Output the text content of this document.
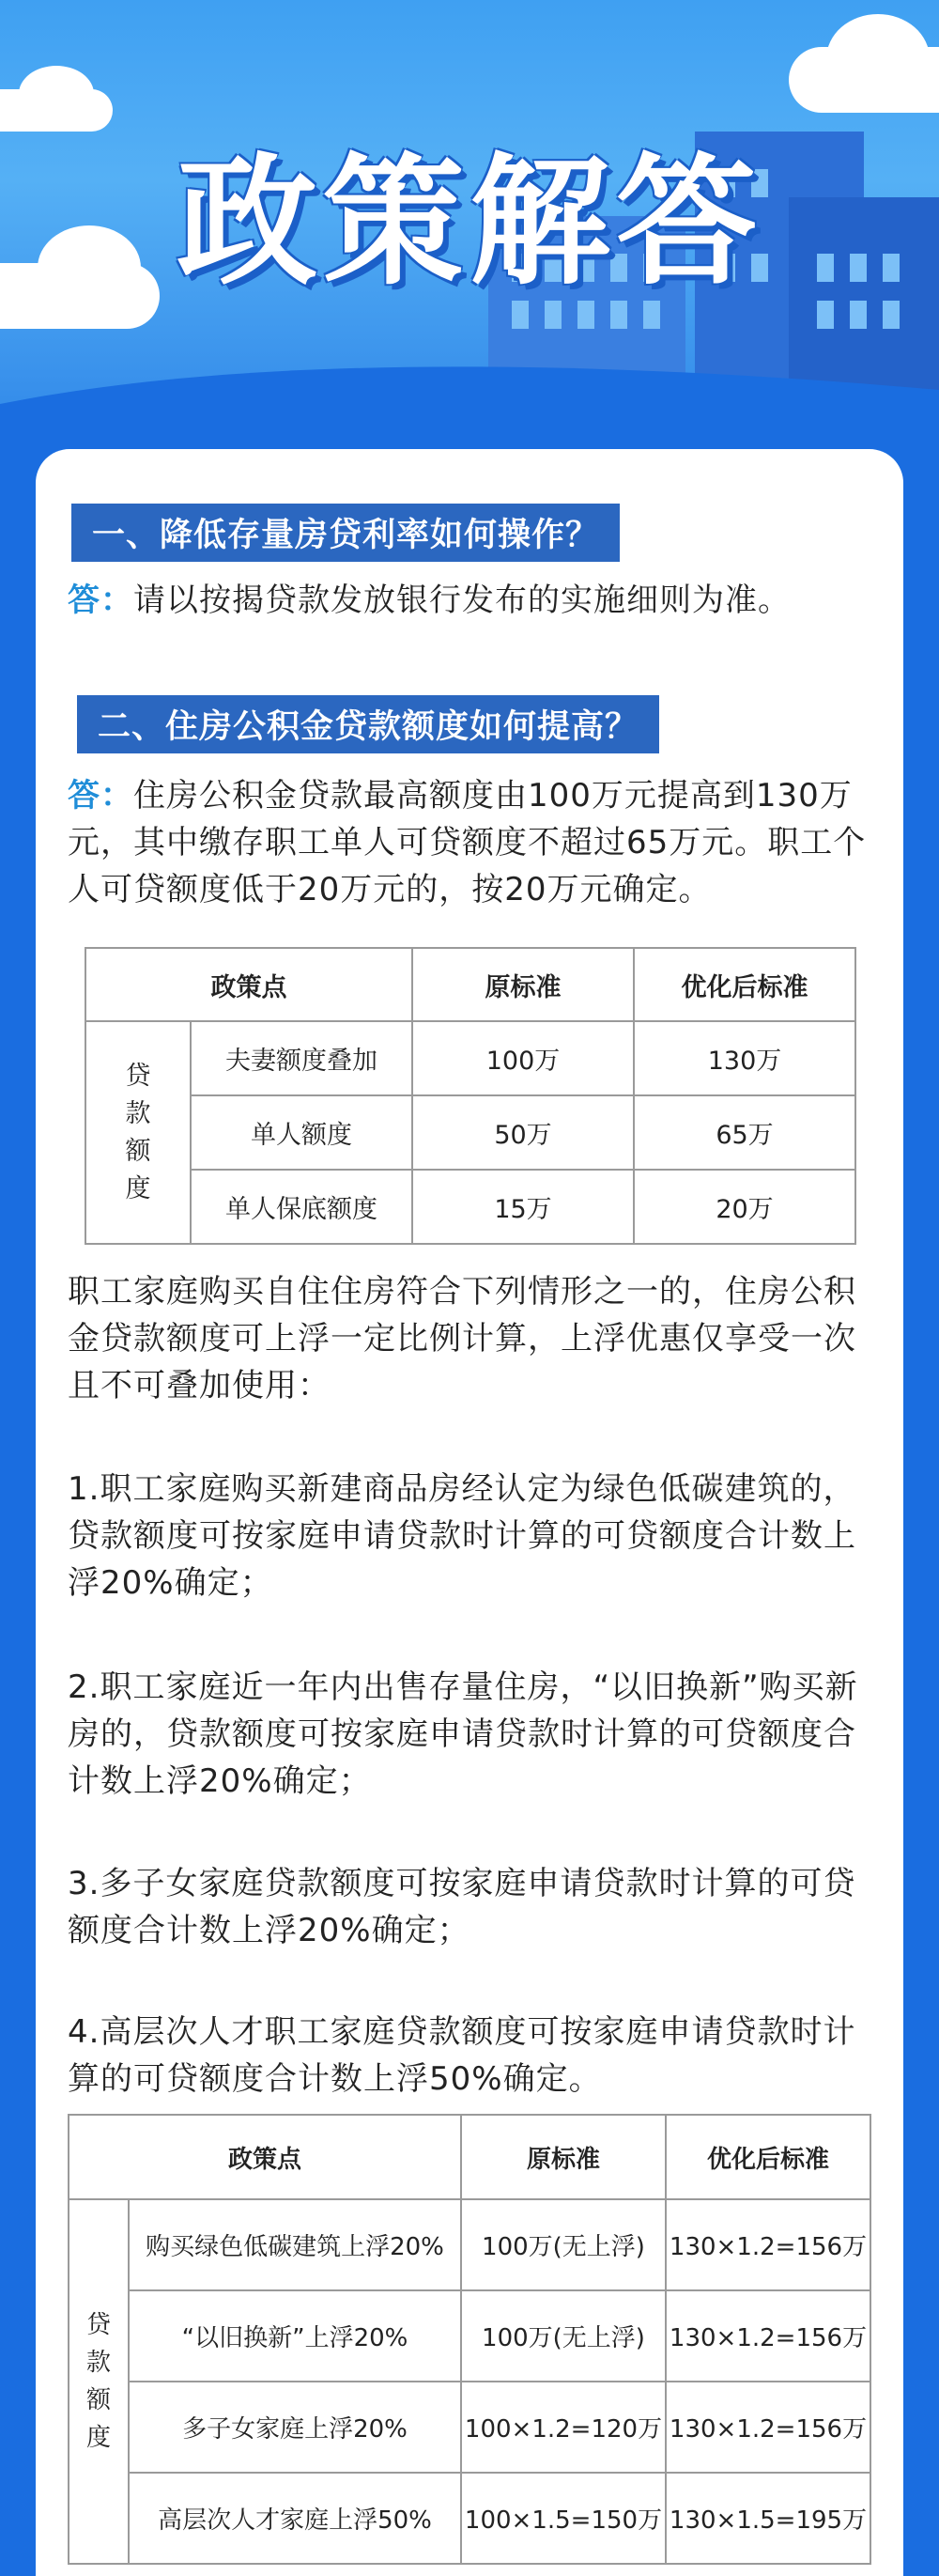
政策解答
一、降低存量房贷利率如何操作？
答：请以按揭贷款发放银行发布的实施细则为准。
二、住房公积金贷款额度如何提高？
答：住房公积金贷款最高额度由100万元提高到130万元，其中缴存职工单人可贷额度不超过65万元。职工个人可贷额度低于20万元的，按20万元确定。
政策点		原标准	优化后标准

贷
款
额
度	夫妻额度叠加	100万	130万
	单人额度	50万	65万
	单人保底额度	15万	20万
职工家庭购买自住住房符合下列情形之一的，住房公积金贷款额度可上浮一定比例计算，上浮优惠仅享受一次且不可叠加使用：
1.职工家庭购买新建商品房经认定为绿色低碳建筑的，贷款额度可按家庭申请贷款时计算的可贷额度合计数上浮20%确定；
2.职工家庭近一年内出售存量住房，“以旧换新”购买新房的，贷款额度可按家庭申请贷款时计算的可贷额度合计数上浮20%确定；
3.多子女家庭贷款额度可按家庭申请贷款时计算的可贷额度合计数上浮20%确定；
4.高层次人才职工家庭贷款额度可按家庭申请贷款时计算的可贷额度合计数上浮50%确定。
政策点		原标准	优化后标准

贷
款
额
度	购买绿色低碳建筑上浮20%	100万(无上浮)	130×1.2=156万
	“以旧换新”上浮20%	100万(无上浮)	130×1.2=156万
	多子女家庭上浮20%	100×1.2=120万	130×1.2=156万
	高层次人才家庭上浮50%	100×1.5=150万	130×1.5=195万
